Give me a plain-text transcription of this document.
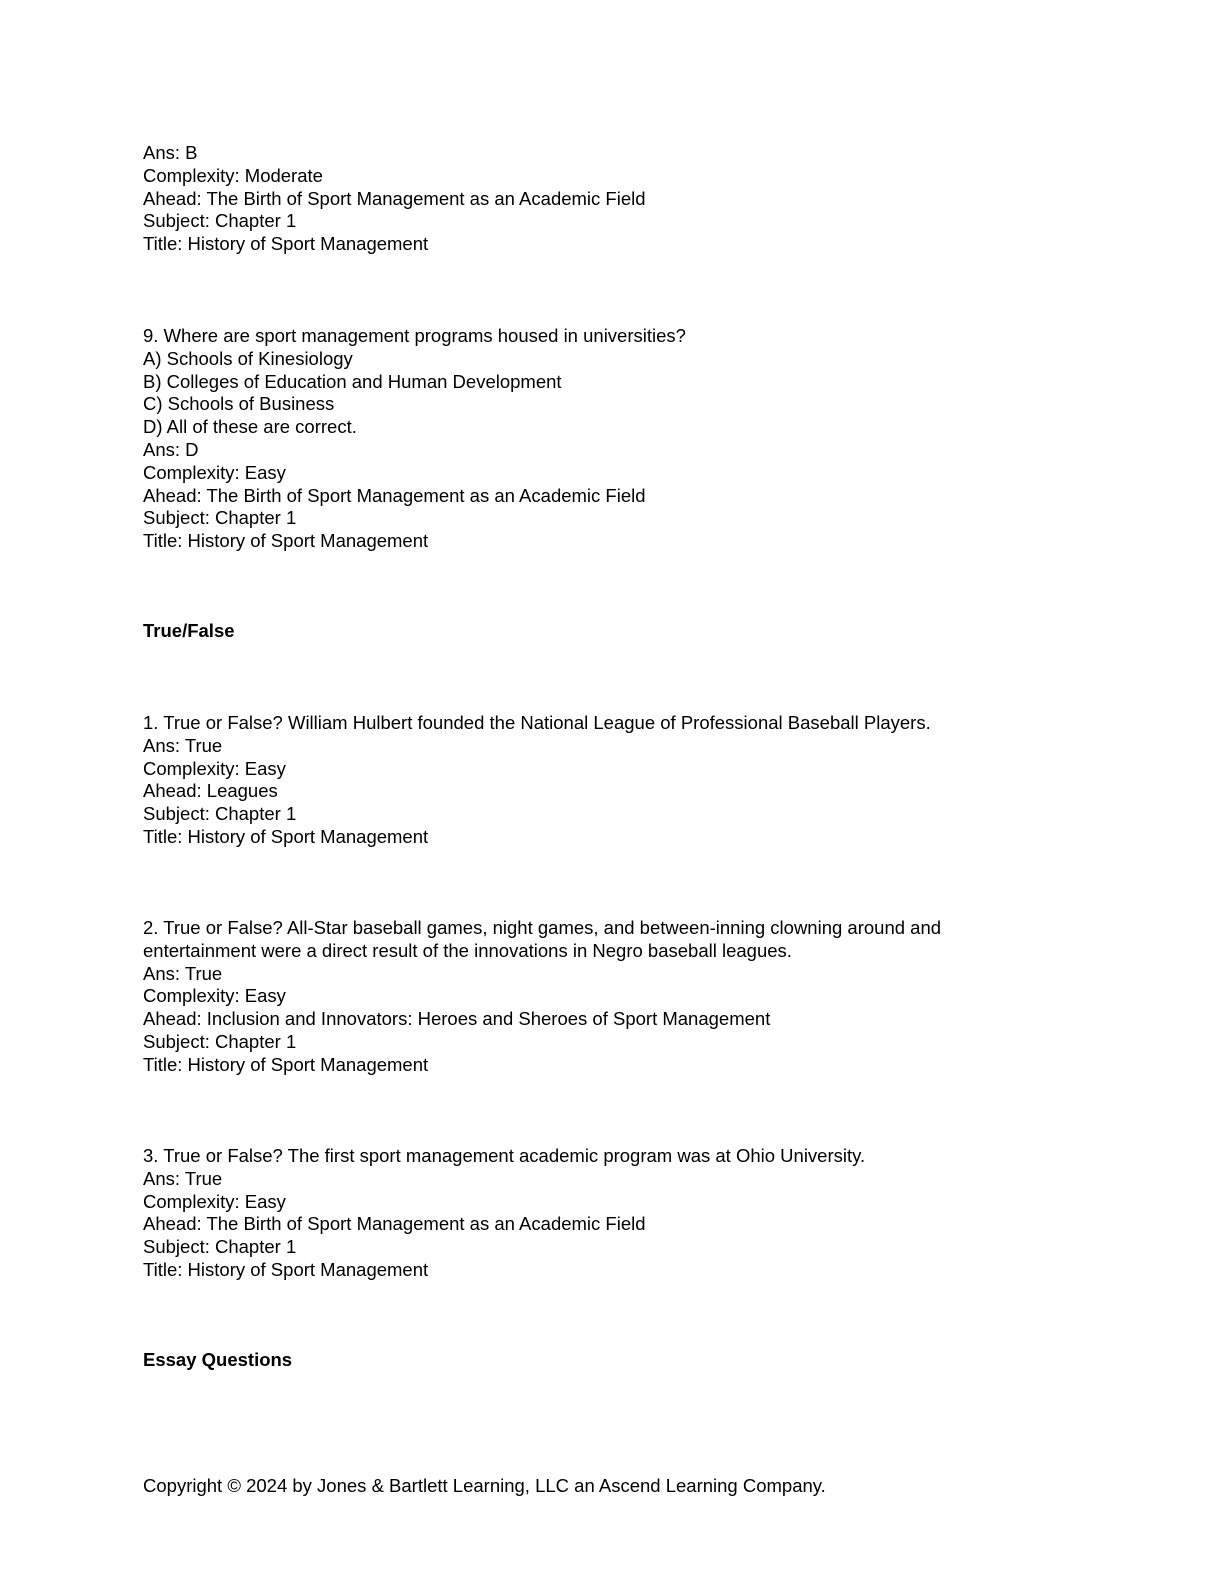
Ans: B
Complexity: Moderate
Ahead: The Birth of Sport Management as an Academic Field
Subject: Chapter 1
Title: History of Sport Management
9. Where are sport management programs housed in universities?
A) Schools of Kinesiology
B) Colleges of Education and Human Development
C) Schools of Business
D) All of these are correct.
Ans: D
Complexity: Easy
Ahead: The Birth of Sport Management as an Academic Field
Subject: Chapter 1
Title: History of Sport Management
True/False
1. True or False? William Hulbert founded the National League of Professional Baseball Players.
Ans: True
Complexity: Easy
Ahead: Leagues
Subject: Chapter 1
Title: History of Sport Management
2. True or False? All-Star baseball games, night games, and between-inning clowning around and
entertainment were a direct result of the innovations in Negro baseball leagues.
Ans: True
Complexity: Easy
Ahead: Inclusion and Innovators: Heroes and Sheroes of Sport Management
Subject: Chapter 1
Title: History of Sport Management
3. True or False? The first sport management academic program was at Ohio University.
Ans: True
Complexity: Easy
Ahead: The Birth of Sport Management as an Academic Field
Subject: Chapter 1
Title: History of Sport Management
Essay Questions
Copyright © 2024 by Jones & Bartlett Learning, LLC an Ascend Learning Company.
